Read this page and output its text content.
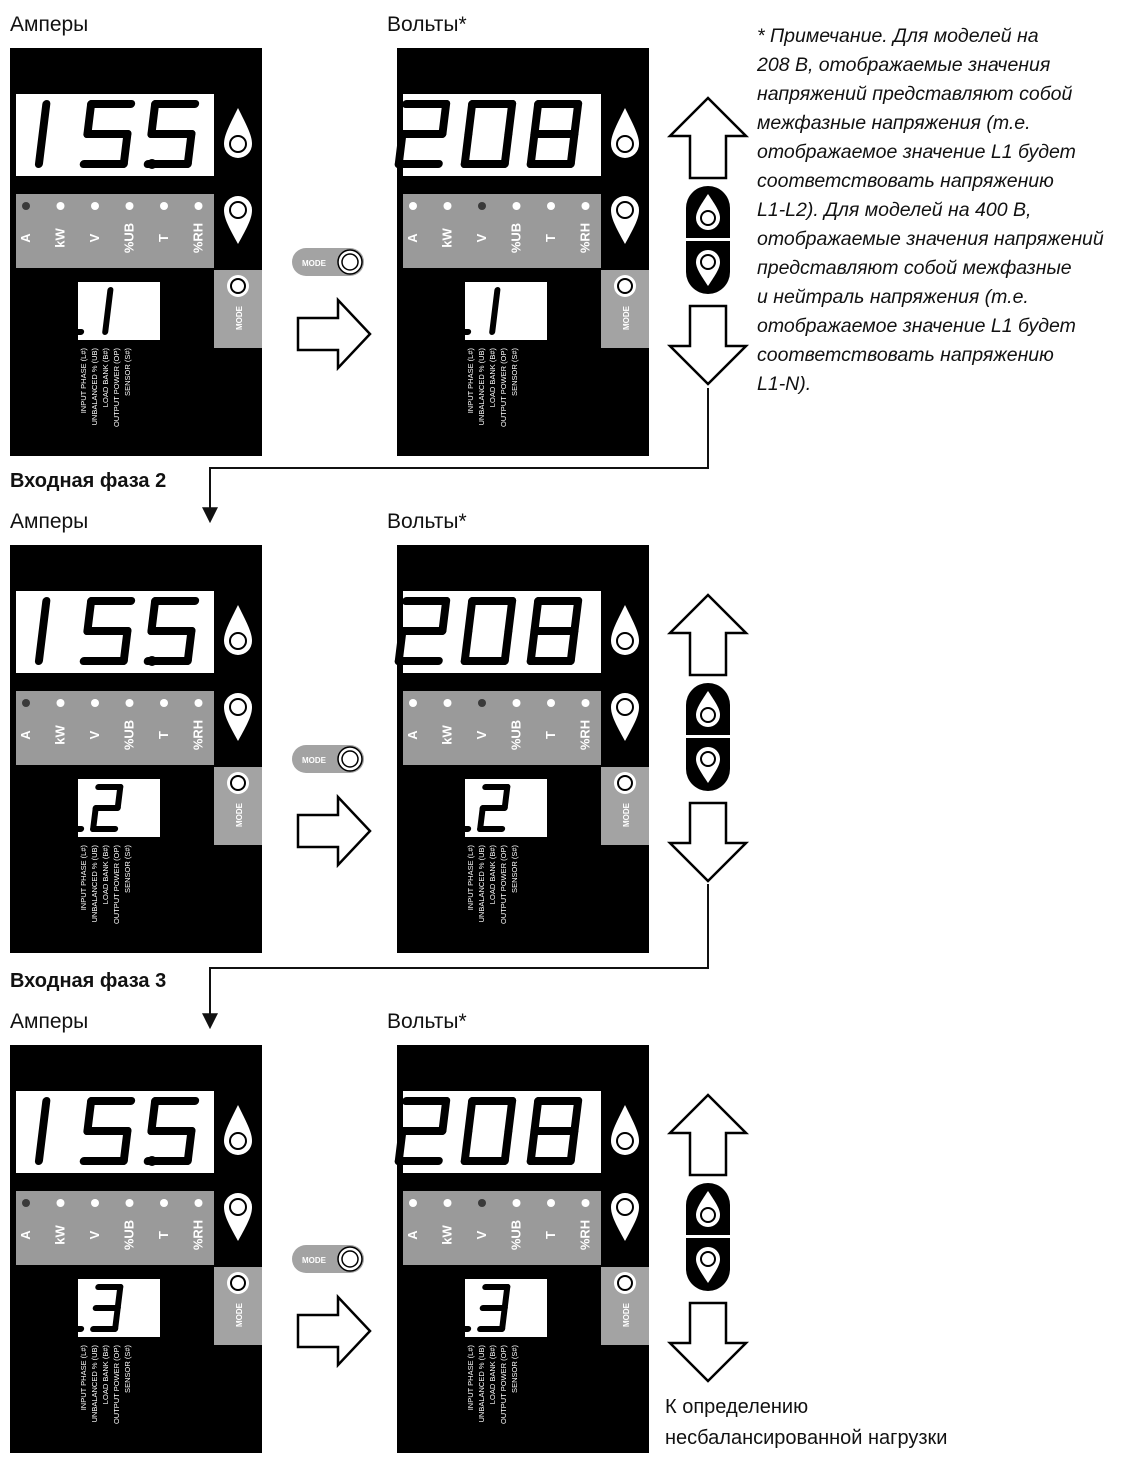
Амперы	Вольты*
A kW V %UB T %RH
MODE
INPUT PHASE (L#) UNBALANCED % (UB) LOAD BANK (B#) OUTPUT POWER (OP) SENSOR (S#)
A kW V %UB T %RH
MODE
INPUT PHASE (L#) UNBALANCED % (UB) LOAD BANK (B#) OUTPUT POWER (OP) SENSOR (S#)
MODE
Амперы	Вольты*
Входная фаза 2
A kW V %UB T %RH
MODE
INPUT PHASE (L#) UNBALANCED % (UB) LOAD BANK (B#) OUTPUT POWER (OP) SENSOR (S#)
A kW V %UB T %RH
MODE
INPUT PHASE (L#) UNBALANCED % (UB) LOAD BANK (B#) OUTPUT POWER (OP) SENSOR (S#)
MODE
Амперы	Вольты*
Входная фаза 3
A kW V %UB T %RH
MODE
INPUT PHASE (L#) UNBALANCED % (UB) LOAD BANK (B#) OUTPUT POWER (OP) SENSOR (S#)
A kW V %UB T %RH
MODE
INPUT PHASE (L#) UNBALANCED % (UB) LOAD BANK (B#) OUTPUT POWER (OP) SENSOR (S#)
MODE
* Примечание. Для моделей на
208 В, отображаемые значения
напряжений представляют собой
межфазные напряжения (т.е.
отображаемое значение L1 будет
соответствовать напряжению
L1-L2). Для моделей на 400 В,
отображаемые значения напряжений
представляют собой межфазные
и нейтраль напряжения (т.е.
отображаемое значение L1 будет
соответствовать напряжению
L1-N).
К определению
несбалансированной нагрузки
